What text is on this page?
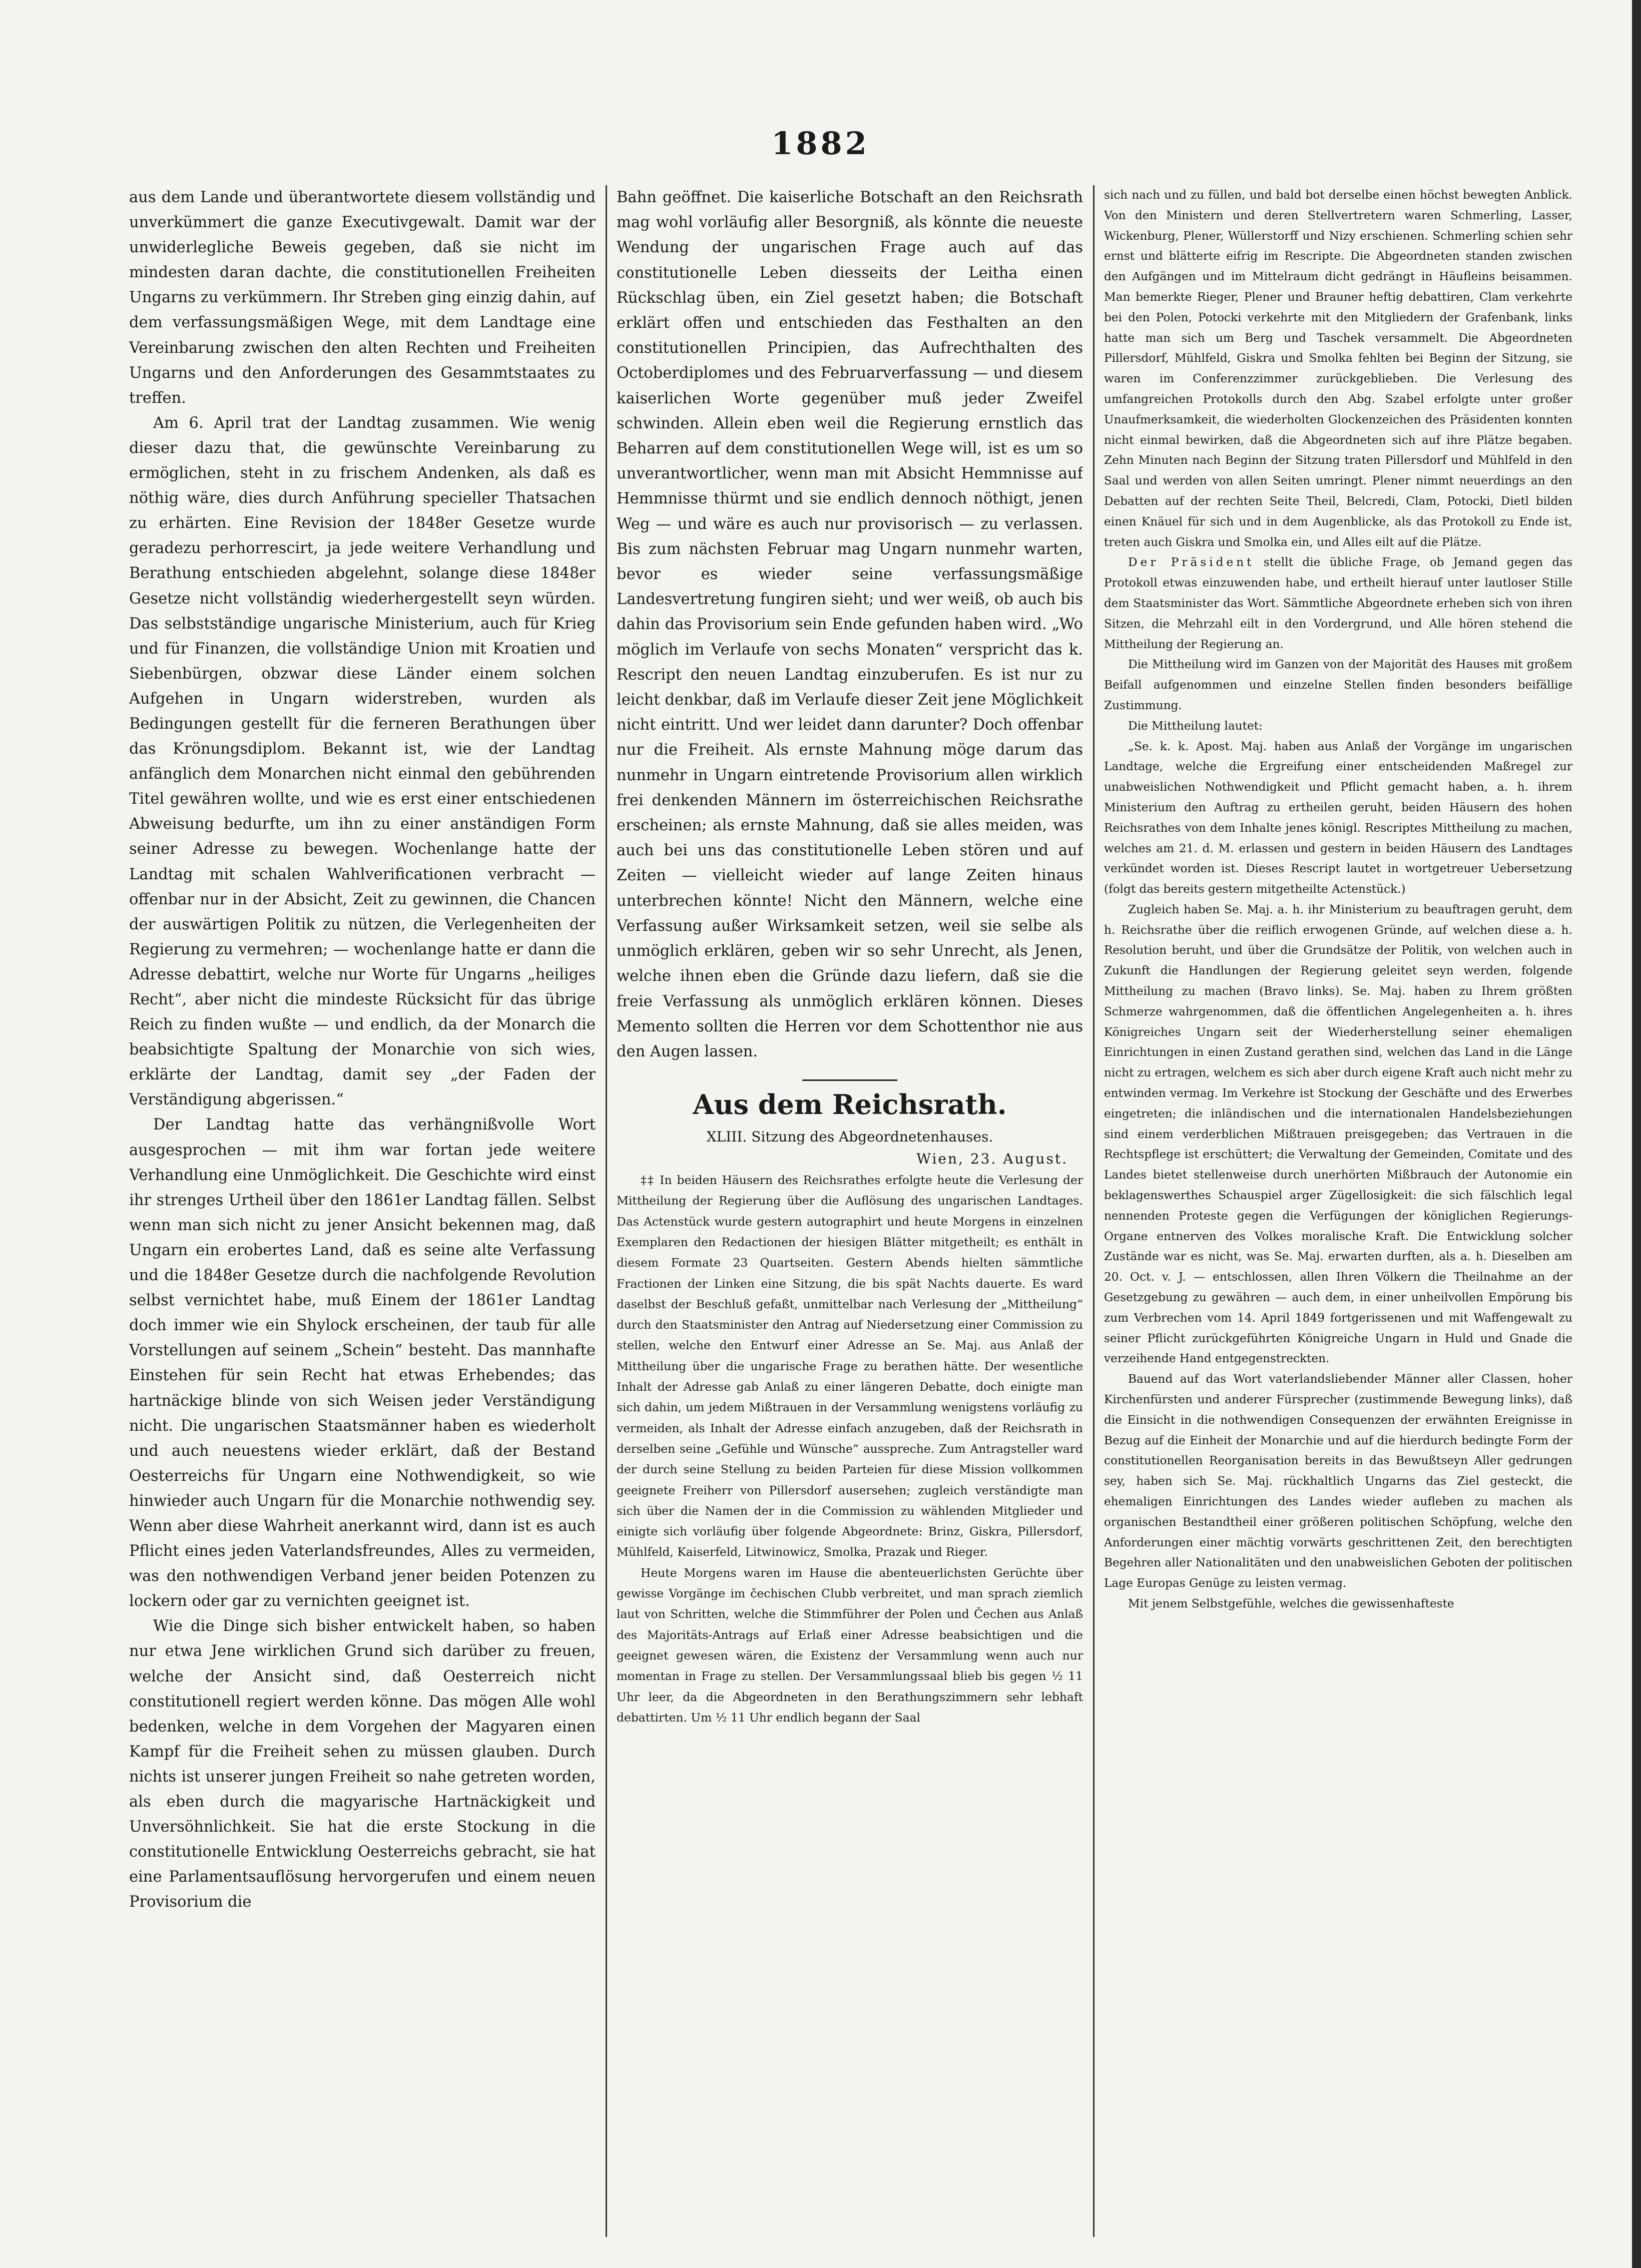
1882

aus dem Lande und überantwortete diesem vollständig und unverkümmert die ganze Executivgewalt. Damit war der unwiderlegliche Beweis gegeben, daß sie nicht im mindesten daran dachte, die constitutionellen Freiheiten Ungarns zu verkümmern. Ihr Streben ging einzig dahin, auf dem verfassungsmäßigen Wege, mit dem Landtage eine Vereinbarung zwischen den alten Rechten und Freiheiten Ungarns und den Anforderungen des Gesammtstaates zu treffen.

Am 6. April trat der Landtag zusammen. Wie wenig dieser dazu that, die gewünschte Vereinbarung zu ermöglichen, steht in zu frischem Andenken, als daß es nöthig wäre, dies durch Anführung specieller Thatsachen zu erhärten. Eine Revision der 1848er Gesetze wurde geradezu perhorrescirt, ja jede weitere Verhandlung und Berathung entschieden abgelehnt, solange diese 1848er Gesetze nicht vollständig wiederhergestellt seyn würden. Das selbstständige ungarische Ministerium, auch für Krieg und für Finanzen, die vollständige Union mit Kroatien und Siebenbürgen, obzwar diese Länder einem solchen Aufgehen in Ungarn widerstreben, wurden als Bedingungen gestellt für die ferneren Berathungen über das Krönungsdiplom. Bekannt ist, wie der Landtag anfänglich dem Monarchen nicht einmal den gebührenden Titel gewähren wollte, und wie es erst einer entschiedenen Abweisung bedurfte, um ihn zu einer anständigen Form seiner Adresse zu bewegen. Wochenlange hatte der Landtag mit schalen Wahlverificationen verbracht — offenbar nur in der Absicht, Zeit zu gewinnen, die Chancen der auswärtigen Politik zu nützen, die Verlegenheiten der Regierung zu vermehren; — wochenlange hatte er dann die Adresse debattirt, welche nur Worte für Ungarns „heiliges Recht“, aber nicht die mindeste Rücksicht für das übrige Reich zu finden wußte — und endlich, da der Monarch die beabsichtigte Spaltung der Monarchie von sich wies, erklärte der Landtag, damit sey „der Faden der Verständigung abgerissen.“

Der Landtag hatte das verhängnißvolle Wort ausgesprochen — mit ihm war fortan jede weitere Verhandlung eine Unmöglichkeit. Die Geschichte wird einst ihr strenges Urtheil über den 1861er Landtag fällen. Selbst wenn man sich nicht zu jener Ansicht bekennen mag, daß Ungarn ein erobertes Land, daß es seine alte Verfassung und die 1848er Gesetze durch die nachfolgende Revolution selbst vernichtet habe, muß Einem der 1861er Landtag doch immer wie ein Shylock erscheinen, der taub für alle Vorstellungen auf seinem „Schein“ besteht. Das mannhafte Einstehen für sein Recht hat etwas Erhebendes; das hartnäckige blinde von sich Weisen jeder Verständigung nicht. Die ungarischen Staatsmänner haben es wiederholt und auch neuestens wieder erklärt, daß der Bestand Oesterreichs für Ungarn eine Nothwendigkeit, so wie hinwieder auch Ungarn für die Monarchie nothwendig sey. Wenn aber diese Wahrheit anerkannt wird, dann ist es auch Pflicht eines jeden Vaterlandsfreundes, Alles zu vermeiden, was den nothwendigen Verband jener beiden Potenzen zu lockern oder gar zu vernichten geeignet ist.

Wie die Dinge sich bisher entwickelt haben, so haben nur etwa Jene wirklichen Grund sich darüber zu freuen, welche der Ansicht sind, daß Oesterreich nicht constitutionell regiert werden könne. Das mögen Alle wohl bedenken, welche in dem Vorgehen der Magyaren einen Kampf für die Freiheit sehen zu müssen glauben. Durch nichts ist unserer jungen Freiheit so nahe getreten worden, als eben durch die magyarische Hartnäckigkeit und Unversöhnlichkeit. Sie hat die erste Stockung in die constitutionelle Entwicklung Oesterreichs gebracht, sie hat eine Parlamentsauflösung hervorgerufen und einem neuen Provisorium die

Bahn geöffnet. Die kaiserliche Botschaft an den Reichsrath mag wohl vorläufig aller Besorgniß, als könnte die neueste Wendung der ungarischen Frage auch auf das constitutionelle Leben diesseits der Leitha einen Rückschlag üben, ein Ziel gesetzt haben; die Botschaft erklärt offen und entschieden das Festhalten an den constitutionellen Principien, das Aufrechthalten des Octoberdiplomes und des Februarverfassung — und diesem kaiserlichen Worte gegenüber muß jeder Zweifel schwinden. Allein eben weil die Regierung ernstlich das Beharren auf dem constitutionellen Wege will, ist es um so unverantwortlicher, wenn man mit Absicht Hemmnisse auf Hemmnisse thürmt und sie endlich dennoch nöthigt, jenen Weg — und wäre es auch nur provisorisch — zu verlassen. Bis zum nächsten Februar mag Ungarn nunmehr warten, bevor es wieder seine verfassungsmäßige Landesvertretung fungiren sieht; und wer weiß, ob auch bis dahin das Provisorium sein Ende gefunden haben wird. „Wo möglich im Verlaufe von sechs Monaten“ verspricht das k. Rescript den neuen Landtag einzuberufen. Es ist nur zu leicht denkbar, daß im Verlaufe dieser Zeit jene Möglichkeit nicht eintritt. Und wer leidet dann darunter? Doch offenbar nur die Freiheit. Als ernste Mahnung möge darum das nunmehr in Ungarn eintretende Provisorium allen wirklich frei denkenden Männern im österreichischen Reichsrathe erscheinen; als ernste Mahnung, daß sie alles meiden, was auch bei uns das constitutionelle Leben stören und auf Zeiten — vielleicht wieder auf lange Zeiten hinaus unterbrechen könnte! Nicht den Männern, welche eine Verfassung außer Wirksamkeit setzen, weil sie selbe als unmöglich erklären, geben wir so sehr Unrecht, als Jenen, welche ihnen eben die Gründe dazu liefern, daß sie die freie Verfassung als unmöglich erklären können. Dieses Memento sollten die Herren vor dem Schottenthor nie aus den Augen lassen.

Aus dem Reichsrath.
XLIII. Sitzung des Abgeordnetenhauses.
Wien, 23. August.

‡‡ In beiden Häusern des Reichsrathes erfolgte heute die Verlesung der Mittheilung der Regierung über die Auflösung des ungarischen Landtages. Das Actenstück wurde gestern autographirt und heute Morgens in einzelnen Exemplaren den Redactionen der hiesigen Blätter mitgetheilt; es enthält in diesem Formate 23 Quartseiten. Gestern Abends hielten sämmtliche Fractionen der Linken eine Sitzung, die bis spät Nachts dauerte. Es ward daselbst der Beschluß gefaßt, unmittelbar nach Verlesung der „Mittheilung“ durch den Staatsminister den Antrag auf Niedersetzung einer Commission zu stellen, welche den Entwurf einer Adresse an Se. Maj. aus Anlaß der Mittheilung über die ungarische Frage zu berathen hätte. Der wesentliche Inhalt der Adresse gab Anlaß zu einer längeren Debatte, doch einigte man sich dahin, um jedem Mißtrauen in der Versammlung wenigstens vorläufig zu vermeiden, als Inhalt der Adresse einfach anzugeben, daß der Reichsrath in derselben seine „Gefühle und Wünsche“ ausspreche. Zum Antragsteller ward der durch seine Stellung zu beiden Parteien für diese Mission vollkommen geeignete Freiherr von Pillersdorf ausersehen; zugleich verständigte man sich über die Namen der in die Commission zu wählenden Mitglieder und einigte sich vorläufig über folgende Abgeordnete: Brinz, Giskra, Pillersdorf, Mühlfeld, Kaiserfeld, Litwinowicz, Smolka, Prazak und Rieger.

Heute Morgens waren im Hause die abenteuerlichsten Gerüchte über gewisse Vorgänge im čechischen Clubb verbreitet, und man sprach ziemlich laut von Schritten, welche die Stimmführer der Polen und Čechen aus Anlaß des Majoritäts-Antrags auf Erlaß einer Adresse beabsichtigen und die geeignet gewesen wären, die Existenz der Versammlung wenn auch nur momentan in Frage zu stellen. Der Versammlungssaal blieb bis gegen ½ 11 Uhr leer, da die Abgeordneten in den Berathungszimmern sehr lebhaft debattirten. Um ½ 11 Uhr endlich begann der Saal

sich nach und zu füllen, und bald bot derselbe einen höchst bewegten Anblick. Von den Ministern und deren Stellvertretern waren Schmerling, Lasser, Wickenburg, Plener, Wüllerstorff und Nizy erschienen. Schmerling schien sehr ernst und blätterte eifrig im Rescripte. Die Abgeordneten standen zwischen den Aufgängen und im Mittelraum dicht gedrängt in Häufleins beisammen. Man bemerkte Rieger, Plener und Brauner heftig debattiren, Clam verkehrte bei den Polen, Potocki verkehrte mit den Mitgliedern der Grafenbank, links hatte man sich um Berg und Taschek versammelt. Die Abgeordneten Pillersdorf, Mühlfeld, Giskra und Smolka fehlten bei Beginn der Sitzung, sie waren im Conferenzzimmer zurückgeblieben. Die Verlesung des umfangreichen Protokolls durch den Abg. Szabel erfolgte unter großer Unaufmerksamkeit, die wiederholten Glockenzeichen des Präsidenten konnten nicht einmal bewirken, daß die Abgeordneten sich auf ihre Plätze begaben. Zehn Minuten nach Beginn der Sitzung traten Pillersdorf und Mühlfeld in den Saal und werden von allen Seiten umringt. Plener nimmt neuerdings an den Debatten auf der rechten Seite Theil, Belcredi, Clam, Potocki, Dietl bilden einen Knäuel für sich und in dem Augenblicke, als das Protokoll zu Ende ist, treten auch Giskra und Smolka ein, und Alles eilt auf die Plätze.

Der Präsident stellt die übliche Frage, ob Jemand gegen das Protokoll etwas einzuwenden habe, und ertheilt hierauf unter lautloser Stille dem Staatsminister das Wort. Sämmtliche Abgeordnete erheben sich von ihren Sitzen, die Mehrzahl eilt in den Vordergrund, und Alle hören stehend die Mittheilung der Regierung an.

Die Mittheilung wird im Ganzen von der Majorität des Hauses mit großem Beifall aufgenommen und einzelne Stellen finden besonders beifällige Zustimmung.

Die Mittheilung lautet:

„Se. k. k. Apost. Maj. haben aus Anlaß der Vorgänge im ungarischen Landtage, welche die Ergreifung einer entscheidenden Maßregel zur unabweislichen Nothwendigkeit und Pflicht gemacht haben, a. h. ihrem Ministerium den Auftrag zu ertheilen geruht, beiden Häusern des hohen Reichsrathes von dem Inhalte jenes königl. Rescriptes Mittheilung zu machen, welches am 21. d. M. erlassen und gestern in beiden Häusern des Landtages verkündet worden ist. Dieses Rescript lautet in wortgetreuer Uebersetzung (folgt das bereits gestern mitgetheilte Actenstück.)

Zugleich haben Se. Maj. a. h. ihr Ministerium zu beauftragen geruht, dem h. Reichsrathe über die reiflich erwogenen Gründe, auf welchen diese a. h. Resolution beruht, und über die Grundsätze der Politik, von welchen auch in Zukunft die Handlungen der Regierung geleitet seyn werden, folgende Mittheilung zu machen (Bravo links). Se. Maj. haben zu Ihrem größten Schmerze wahrgenommen, daß die öffentlichen Angelegenheiten a. h. ihres Königreiches Ungarn seit der Wiederherstellung seiner ehemaligen Einrichtungen in einen Zustand gerathen sind, welchen das Land in die Länge nicht zu ertragen, welchem es sich aber durch eigene Kraft auch nicht mehr zu entwinden vermag. Im Verkehre ist Stockung der Geschäfte und des Erwerbes eingetreten; die inländischen und die internationalen Handelsbeziehungen sind einem verderblichen Mißtrauen preisgegeben; das Vertrauen in die Rechtspflege ist erschüttert; die Verwaltung der Gemeinden, Comitate und des Landes bietet stellenweise durch unerhörten Mißbrauch der Autonomie ein beklagenswerthes Schauspiel arger Zügellosigkeit: die sich fälschlich legal nennenden Proteste gegen die Verfügungen der königlichen Regierungs-Organe entnerven des Volkes moralische Kraft. Die Entwicklung solcher Zustände war es nicht, was Se. Maj. erwarten durften, als a. h. Dieselben am 20. Oct. v. J. — entschlossen, allen Ihren Völkern die Theilnahme an der Gesetzgebung zu gewähren — auch dem, in einer unheilvollen Empörung bis zum Verbrechen vom 14. April 1849 fortgerissenen und mit Waffengewalt zu seiner Pflicht zurückgeführten Königreiche Ungarn in Huld und Gnade die verzeihende Hand entgegenstreckten.

Bauend auf das Wort vaterlandsliebender Männer aller Classen, hoher Kirchenfürsten und anderer Fürsprecher (zustimmende Bewegung links), daß die Einsicht in die nothwendigen Consequenzen der erwähnten Ereignisse in Bezug auf die Einheit der Monarchie und auf die hierdurch bedingte Form der constitutionellen Reorganisation bereits in das Bewußtseyn Aller gedrungen sey, haben sich Se. Maj. rückhaltlich Ungarns das Ziel gesteckt, die ehemaligen Einrichtungen des Landes wieder aufleben zu machen als organischen Bestandtheil einer größeren politischen Schöpfung, welche den Anforderungen einer mächtig vorwärts geschrittenen Zeit, den berechtigten Begehren aller Nationalitäten und den unabweislichen Geboten der politischen Lage Europas Genüge zu leisten vermag.

Mit jenem Selbstgefühle, welches die gewissenhafteste
